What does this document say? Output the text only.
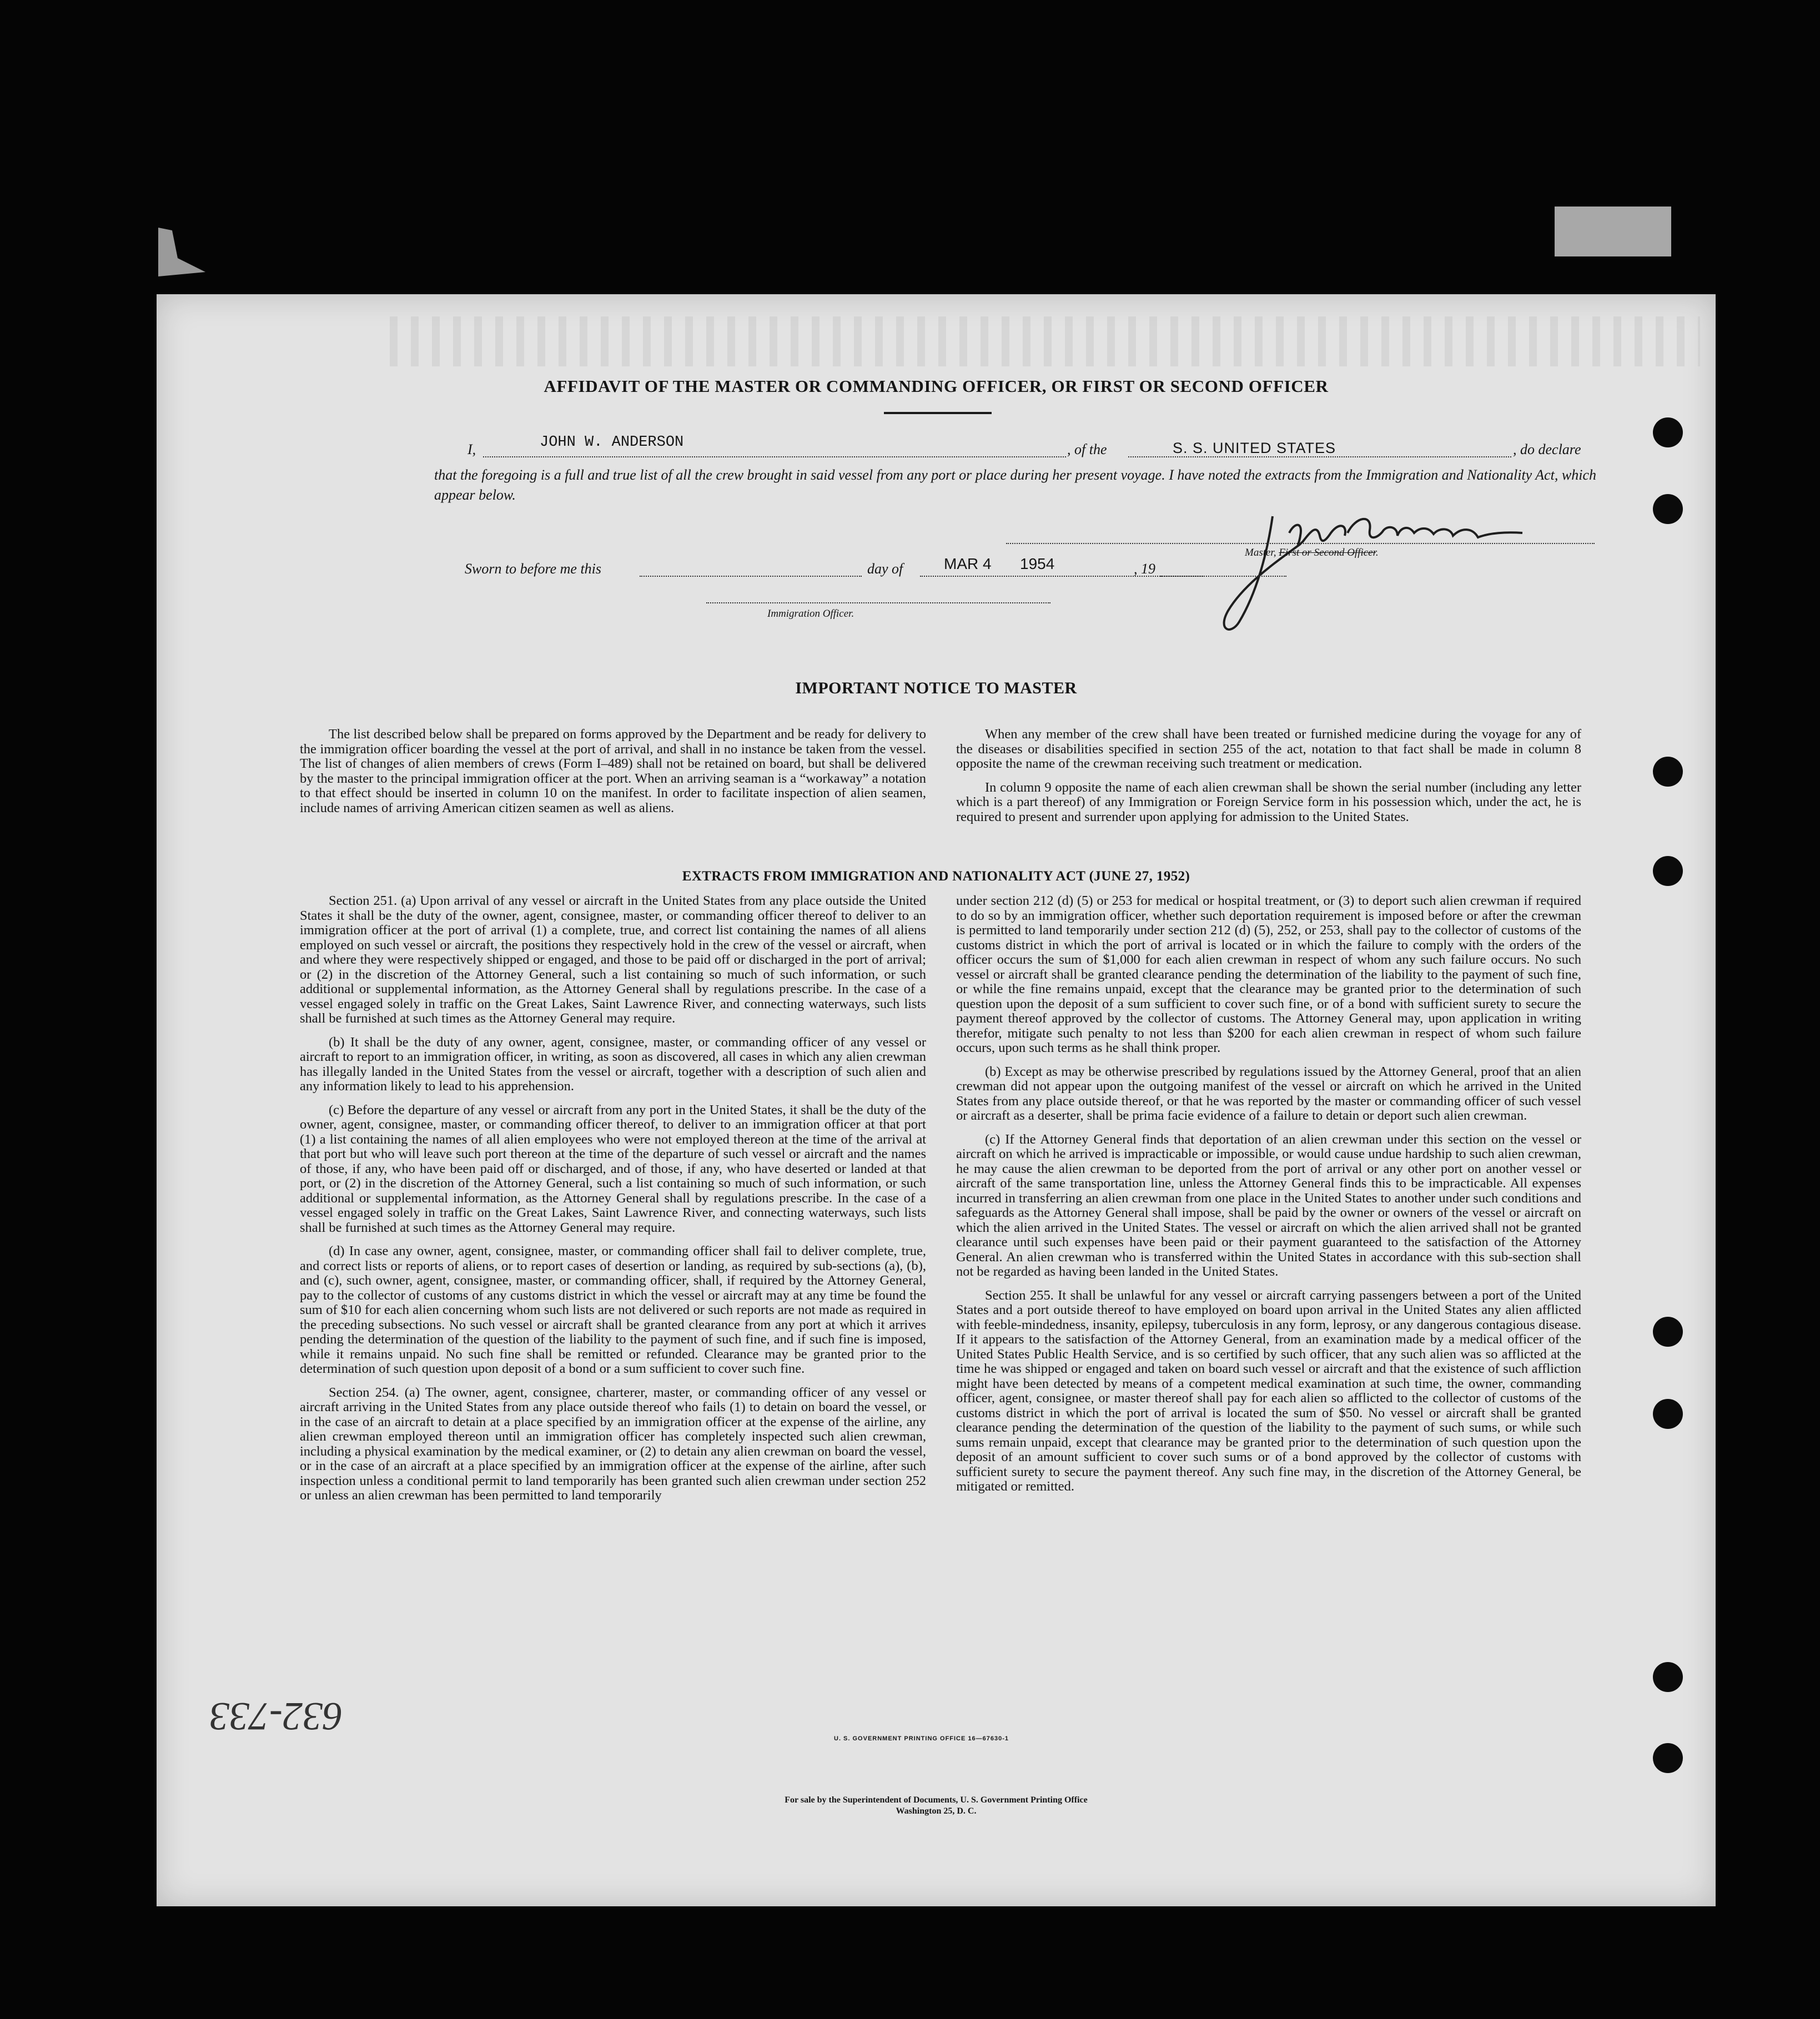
AFFIDAVIT OF THE MASTER OR COMMANDING OFFICER, OR FIRST OR SECOND OFFICER
I,	JOHN W. ANDERSON	, of the	S. S. UNITED STATES	, do declare
that the foregoing is a full and true list of all the crew brought in said vessel from any port or place during her present voyage. I have noted the extracts from the Immigration and Nationality Act, which appear below.
Master, First or Second Officer.
Sworn to before me this	day of	MAR 4 1954	, 19
Immigration Officer.
IMPORTANT NOTICE TO MASTER

The list described below shall be prepared on forms approved by the Department and be ready for delivery to the immigration officer boarding the vessel at the port of arrival, and shall in no instance be taken from the vessel. The list of changes of alien members of crews (Form I–489) shall not be retained on board, but shall be delivered by the master to the principal immigration officer at the port. When an arriving seaman is a “workaway” a notation to that effect should be inserted in column 10 on the manifest. In order to facilitate inspection of alien seamen, include names of arriving American citizen seamen as well as aliens.

When any member of the crew shall have been treated or furnished medicine during the voyage for any of the diseases or disabilities specified in section 255 of the act, notation to that fact shall be made in column 8 opposite the name of the crewman receiving such treatment or medication.

In column 9 opposite the name of each alien crewman shall be shown the serial number (including any letter which is a part thereof) of any Immigration or Foreign Service form in his possession which, under the act, he is required to present and surrender upon applying for admission to the United States.

EXTRACTS FROM IMMIGRATION AND NATIONALITY ACT (JUNE 27, 1952)

Section 251. (a) Upon arrival of any vessel or aircraft in the United States from any place outside the United States it shall be the duty of the owner, agent, consignee, master, or commanding officer thereof to deliver to an immigration officer at the port of arrival (1) a complete, true, and correct list containing the names of all aliens employed on such vessel or aircraft, the positions they respectively hold in the crew of the vessel or aircraft, when and where they were respectively shipped or engaged, and those to be paid off or discharged in the port of arrival; or (2) in the discretion of the Attorney General, such a list containing so much of such information, or such additional or supplemental information, as the Attorney General shall by regulations prescribe. In the case of a vessel engaged solely in traffic on the Great Lakes, Saint Lawrence River, and connecting waterways, such lists shall be furnished at such times as the Attorney General may require.

(b) It shall be the duty of any owner, agent, consignee, master, or commanding officer of any vessel or aircraft to report to an immigration officer, in writing, as soon as discovered, all cases in which any alien crewman has illegally landed in the United States from the vessel or aircraft, together with a description of such alien and any information likely to lead to his apprehension.

(c) Before the departure of any vessel or aircraft from any port in the United States, it shall be the duty of the owner, agent, consignee, master, or commanding officer thereof, to deliver to an immigration officer at that port (1) a list containing the names of all alien employees who were not employed thereon at the time of the arrival at that port but who will leave such port thereon at the time of the departure of such vessel or aircraft and the names of those, if any, who have been paid off or discharged, and of those, if any, who have deserted or landed at that port, or (2) in the discretion of the Attorney General, such a list containing so much of such information, or such additional or supplemental information, as the Attorney General shall by regulations prescribe. In the case of a vessel engaged solely in traffic on the Great Lakes, Saint Lawrence River, and connecting waterways, such lists shall be furnished at such times as the Attorney General may require.

(d) In case any owner, agent, consignee, master, or commanding officer shall fail to deliver complete, true, and correct lists or reports of aliens, or to report cases of desertion or landing, as required by sub-sections (a), (b), and (c), such owner, agent, consignee, master, or commanding officer, shall, if required by the Attorney General, pay to the collector of customs of any customs district in which the vessel or aircraft may at any time be found the sum of $10 for each alien concerning whom such lists are not delivered or such reports are not made as required in the preceding subsections. No such vessel or aircraft shall be granted clearance from any port at which it arrives pending the determination of the question of the liability to the payment of such fine, and if such fine is imposed, while it remains unpaid. No such fine shall be remitted or refunded. Clearance may be granted prior to the determination of such question upon deposit of a bond or a sum sufficient to cover such fine.

Section 254. (a) The owner, agent, consignee, charterer, master, or commanding officer of any vessel or aircraft arriving in the United States from any place outside thereof who fails (1) to detain on board the vessel, or in the case of an aircraft to detain at a place specified by an immigration officer at the expense of the airline, any alien crewman employed thereon until an immigration officer has completely inspected such alien crewman, including a physical examination by the medical examiner, or (2) to detain any alien crewman on board the vessel, or in the case of an aircraft at a place specified by an immigration officer at the expense of the airline, after such inspection unless a conditional permit to land temporarily has been granted such alien crewman under section 252 or unless an alien crewman has been permitted to land temporarily

under section 212 (d) (5) or 253 for medical or hospital treatment, or (3) to deport such alien crewman if required to do so by an immigration officer, whether such deportation requirement is imposed before or after the crewman is permitted to land temporarily under section 212 (d) (5), 252, or 253, shall pay to the collector of customs of the customs district in which the port of arrival is located or in which the failure to comply with the orders of the officer occurs the sum of $1,000 for each alien crewman in respect of whom any such failure occurs. No such vessel or aircraft shall be granted clearance pending the determination of the liability to the payment of such fine, or while the fine remains unpaid, except that the clearance may be granted prior to the determination of such question upon the deposit of a sum sufficient to cover such fine, or of a bond with sufficient surety to secure the payment thereof approved by the collector of customs. The Attorney General may, upon application in writing therefor, mitigate such penalty to not less than $200 for each alien crewman in respect of whom such failure occurs, upon such terms as he shall think proper.

(b) Except as may be otherwise prescribed by regulations issued by the Attorney General, proof that an alien crewman did not appear upon the outgoing manifest of the vessel or aircraft on which he arrived in the United States from any place outside thereof, or that he was reported by the master or commanding officer of such vessel or aircraft as a deserter, shall be prima facie evidence of a failure to detain or deport such alien crewman.

(c) If the Attorney General finds that deportation of an alien crewman under this section on the vessel or aircraft on which he arrived is impracticable or impossible, or would cause undue hardship to such alien crewman, he may cause the alien crewman to be deported from the port of arrival or any other port on another vessel or aircraft of the same transportation line, unless the Attorney General finds this to be impracticable. All expenses incurred in transferring an alien crewman from one place in the United States to another under such conditions and safeguards as the Attorney General shall impose, shall be paid by the owner or owners of the vessel or aircraft on which the alien arrived in the United States. The vessel or aircraft on which the alien arrived shall not be granted clearance until such expenses have been paid or their payment guaranteed to the satisfaction of the Attorney General. An alien crewman who is transferred within the United States in accordance with this sub-section shall not be regarded as having been landed in the United States.

Section 255. It shall be unlawful for any vessel or aircraft carrying passengers between a port of the United States and a port outside thereof to have employed on board upon arrival in the United States any alien afflicted with feeble-mindedness, insanity, epilepsy, tuberculosis in any form, leprosy, or any dangerous contagious disease. If it appears to the satisfaction of the Attorney General, from an examination made by a medical officer of the United States Public Health Service, and is so certified by such officer, that any such alien was so afflicted at the time he was shipped or engaged and taken on board such vessel or aircraft and that the existence of such affliction might have been detected by means of a competent medical examination at such time, the owner, commanding officer, agent, consignee, or master thereof shall pay for each alien so afflicted to the collector of customs of the customs district in which the port of arrival is located the sum of $50. No vessel or aircraft shall be granted clearance pending the determination of the question of the liability to the payment of such sums, or while such sums remain unpaid, except that clearance may be granted prior to the determination of such question upon the deposit of an amount sufficient to cover such sums or of a bond approved by the collector of customs with sufficient surety to secure the payment thereof. Any such fine may, in the discretion of the Attorney General, be mitigated or remitted.

U. S. GOVERNMENT PRINTING OFFICE 16—67630-1
For sale by the Superintendent of Documents, U. S. Government Printing Office
Washington 25, D. C.
632-733
